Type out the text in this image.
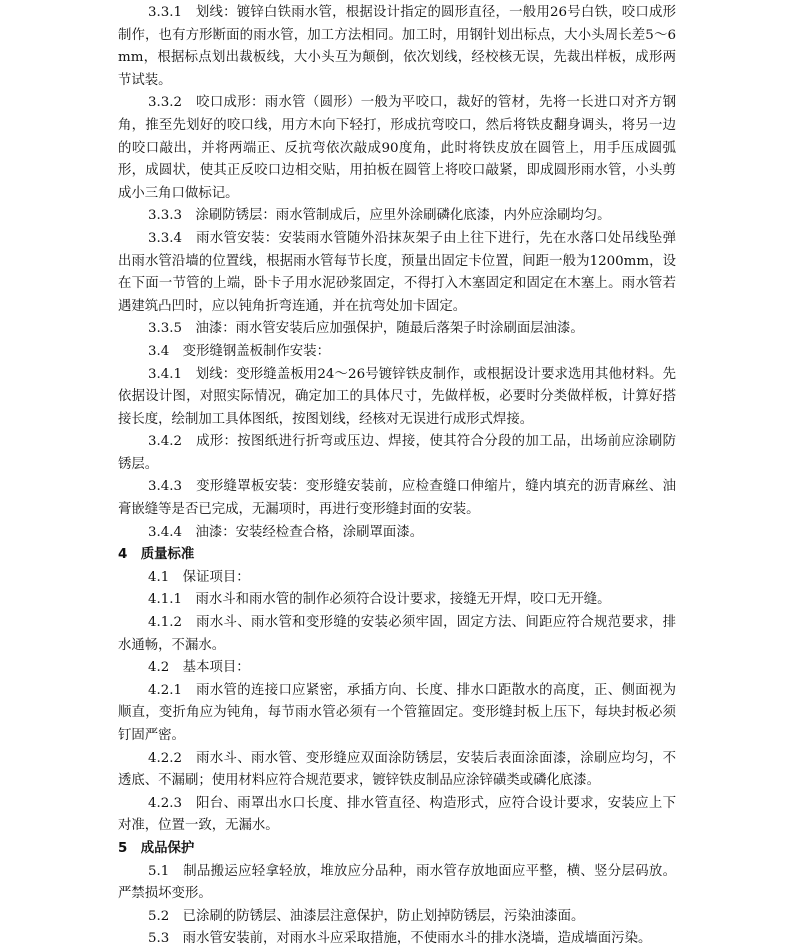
3.3.1　划线：镀锌白铁雨水管，根据设计指定的圆形直径，一般用26号白铁，咬口成形制作，也有方形断面的雨水管，加工方法相同。加工时，用钢针划出标点，大小头周长差5～6mm，根据标点划出裁板线，大小头互为颠倒，依次划线，经校核无误，先裁出样板，成形两节试装。

3.3.2　咬口成形：雨水管（圆形）一般为平咬口，裁好的管材，先将一长进口对齐方钢角，推至先划好的咬口线，用方木向下轻打，形成抗弯咬口，然后将铁皮翻身调头，将另一边的咬口敲出，并将两端正、反抗弯依次敲成90度角，此时将铁皮放在圆管上，用手压成圆弧形，成圆状，使其正反咬口边相交贴，用拍板在圆管上将咬口敲紧，即成圆形雨水管，小头剪成小三角口做标记。

3.3.3　涂刷防锈层：雨水管制成后，应里外涂刷磷化底漆，内外应涂刷均匀。

3.3.4　雨水管安装：安装雨水管随外沿抹灰架子由上往下进行，先在水落口处吊线坠弹出雨水管沿墙的位置线，根据雨水管每节长度，预量出固定卡位置，间距一般为1200mm，设在下面一节管的上端，卧卡子用水泥砂浆固定，不得打入木塞固定和固定在木塞上。雨水管若遇建筑凸凹时，应以钝角折弯连通，并在抗弯处加卡固定。

3.3.5　油漆：雨水管安装后应加强保护，随最后落架子时涂刷面层油漆。

3.4　变形缝钢盖板制作安装：

3.4.1　划线：变形缝盖板用24～26号镀锌铁皮制作，或根据设计要求选用其他材料。先依据设计图，对照实际情况，确定加工的具体尺寸，先做样板，必要时分类做样板，计算好搭接长度，绘制加工具体图纸，按图划线，经核对无误进行成形式焊接。

3.4.2　成形：按图纸进行折弯或压边、焊接，使其符合分段的加工品，出场前应涂刷防锈层。

3.4.3　变形缝罩板安装：变形缝安装前，应检查缝口伸缩片，缝内填充的沥青麻丝、油膏嵌缝等是否已完成，无漏项时，再进行变形缝封面的安装。

3.4.4　油漆：安装经检查合格，涂刷罩面漆。

4　质量标准

4.1　保证项目：

4.1.1　雨水斗和雨水管的制作必须符合设计要求，接缝无开焊，咬口无开缝。

4.1.2　雨水斗、雨水管和变形缝的安装必须牢固，固定方法、间距应符合规范要求，排水通畅，不漏水。

4.2　基本项目：

4.2.1　雨水管的连接口应紧密，承插方向、长度、排水口距散水的高度，正、侧面视为顺直，变折角应为钝角，每节雨水管必须有一个管箍固定。变形缝封板上压下，每块封板必须钉固严密。

4.2.2　雨水斗、雨水管、变形缝应双面涂防锈层，安装后表面涂面漆，涂刷应均匀，不透底、不漏刷；使用材料应符合规范要求，镀锌铁皮制品应涂锌磺类或磷化底漆。

4.2.3　阳台、雨罩出水口长度、排水管直径、构造形式，应符合设计要求，安装应上下对准，位置一致，无漏水。

5　成品保护

5.1　制品搬运应轻拿轻放，堆放应分品种，雨水管存放地面应平整，横、竖分层码放。严禁损坏变形。

5.2　已涂刷的防锈层、油漆层注意保护，防止划掉防锈层，污染油漆面。

5.3　雨水管安装前，对雨水斗应采取措施，不使雨水斗的排水浇墙，造成墙面污染。
